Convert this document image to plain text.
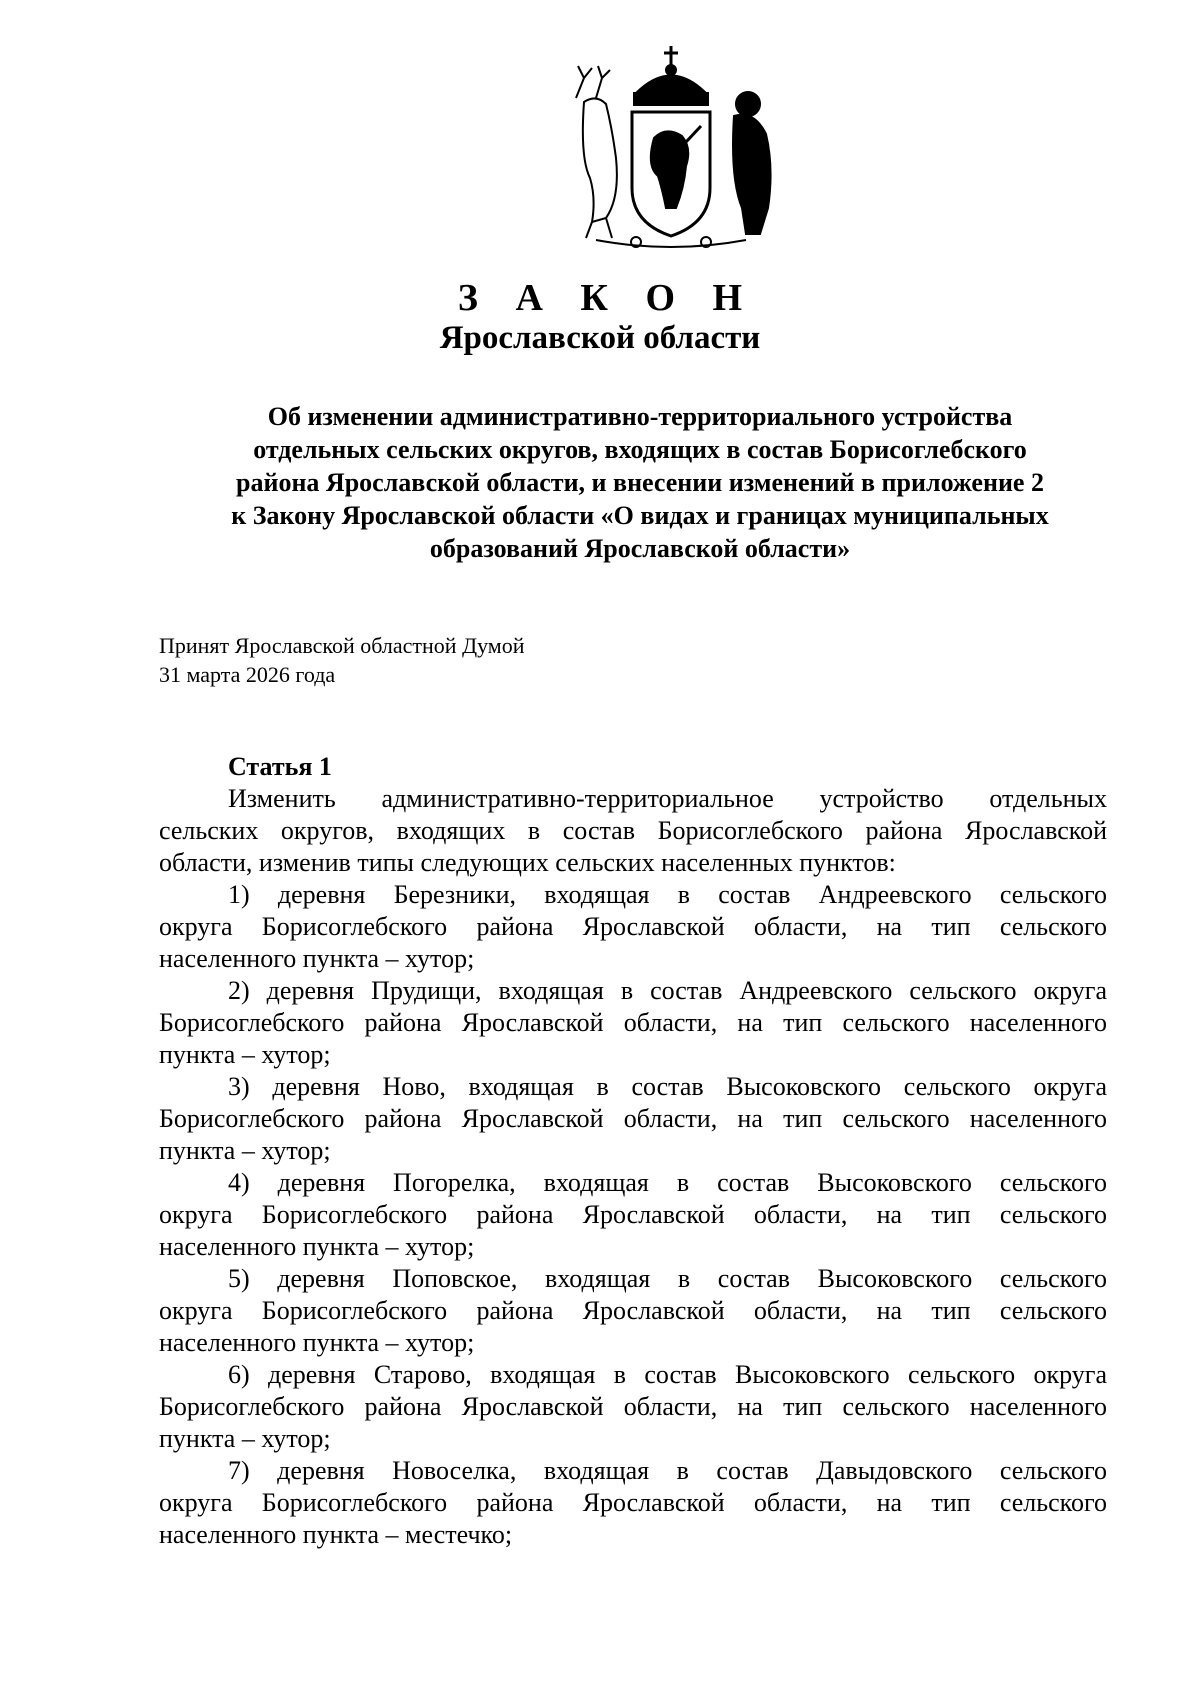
З А К О Н
Ярославской области
Об изменении административно-территориального устройства
отдельных сельских округов, входящих в состав Борисоглебского
района Ярославской области, и внесении изменений в приложение 2
к Закону Ярославской области «О видах и границах муниципальных
образований Ярославской области»
Принят Ярославской областной Думой
31 марта 2026 года
Статья 1
Изменить административно-территориальное устройство отдельных
сельских округов, входящих в состав Борисоглебского района Ярославской
области, изменив типы следующих сельских населенных пунктов:
1) деревня Березники, входящая в состав Андреевского сельского
округа Борисоглебского района Ярославской области, на тип сельского
населенного пункта – хутор;
2) деревня Прудищи, входящая в состав Андреевского сельского округа
Борисоглебского района Ярославской области, на тип сельского населенного
пункта – хутор;
3) деревня Ново, входящая в состав Высоковского сельского округа
Борисоглебского района Ярославской области, на тип сельского населенного
пункта – хутор;
4) деревня Погорелка, входящая в состав Высоковского сельского
округа Борисоглебского района Ярославской области, на тип сельского
населенного пункта – хутор;
5) деревня Поповское, входящая в состав Высоковского сельского
округа Борисоглебского района Ярославской области, на тип сельского
населенного пункта – хутор;
6) деревня Старово, входящая в состав Высоковского сельского округа
Борисоглебского района Ярославской области, на тип сельского населенного
пункта – хутор;
7) деревня Новоселка, входящая в состав Давыдовского сельского
округа Борисоглебского района Ярославской области, на тип сельского
населенного пункта – местечко;
